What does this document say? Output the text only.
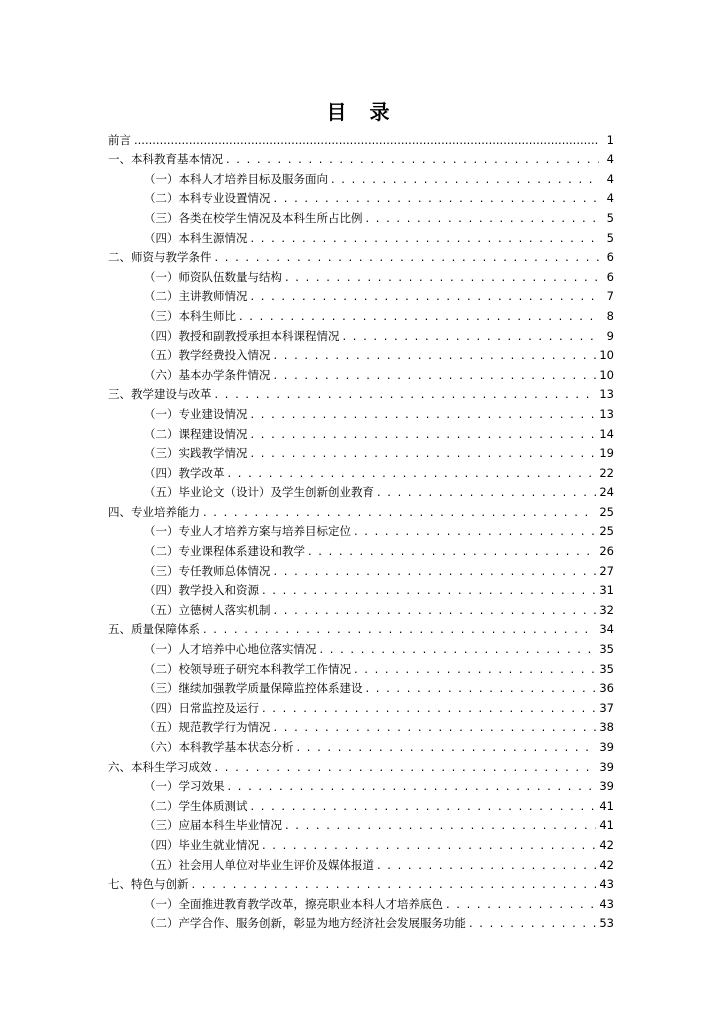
目 录
前言 .....	1
一、本科教育基本情况 . . .	4
（一）本科人才培养目标及服务面向 . . .	4
（二）本科专业设置情况 . . .	4
（三）各类在校学生情况及本科生所占比例 . . .	5
（四）本科生源情况 . . .	5
二、师资与教学条件 . . .	6
（一）师资队伍数量与结构 . . .	6
（二）主讲教师情况 . . .	7
（三）本科生师比 . . .	8
（四）教授和副教授承担本科课程情况 . . .	9
（五）教学经费投入情况 . . .	10
（六）基本办学条件情况 . . .	10
三、教学建设与改革 . . .	13
（一）专业建设情况 . . .	13
（二）课程建设情况 . . .	14
（三）实践教学情况 . . .	19
（四）教学改革 . . .	22
（五）毕业论文（设计）及学生创新创业教育 . . .	24
四、专业培养能力 . . .	25
（一）专业人才培养方案与培养目标定位 . . .	25
（二）专业课程体系建设和教学 . . .	26
（三）专任教师总体情况 . . .	27
（四）教学投入和资源 . . .	31
（五）立德树人落实机制 . . .	32
五、质量保障体系 . . .	34
（一）人才培养中心地位落实情况 . . .	35
（二）校领导班子研究本科教学工作情况 . . .	35
（三）继续加强教学质量保障监控体系建设 . . .	36
（四）日常监控及运行 . . .	37
（五）规范教学行为情况 . . .	38
（六）本科教学基本状态分析 . . .	39
六、本科生学习成效 . . .	39
（一）学习效果 . . .	39
（二）学生体质测试 . . .	41
（三）应届本科生毕业情况 . . .	41
（四）毕业生就业情况 . . .	42
（五）社会用人单位对毕业生评价及媒体报道 . . .	42
七、特色与创新 . . .	43
（一）全面推进教育教学改革，擦亮职业本科人才培养底色 . . .	43
（二）产学合作、服务创新，彰显为地方经济社会发展服务功能 . . .	53
